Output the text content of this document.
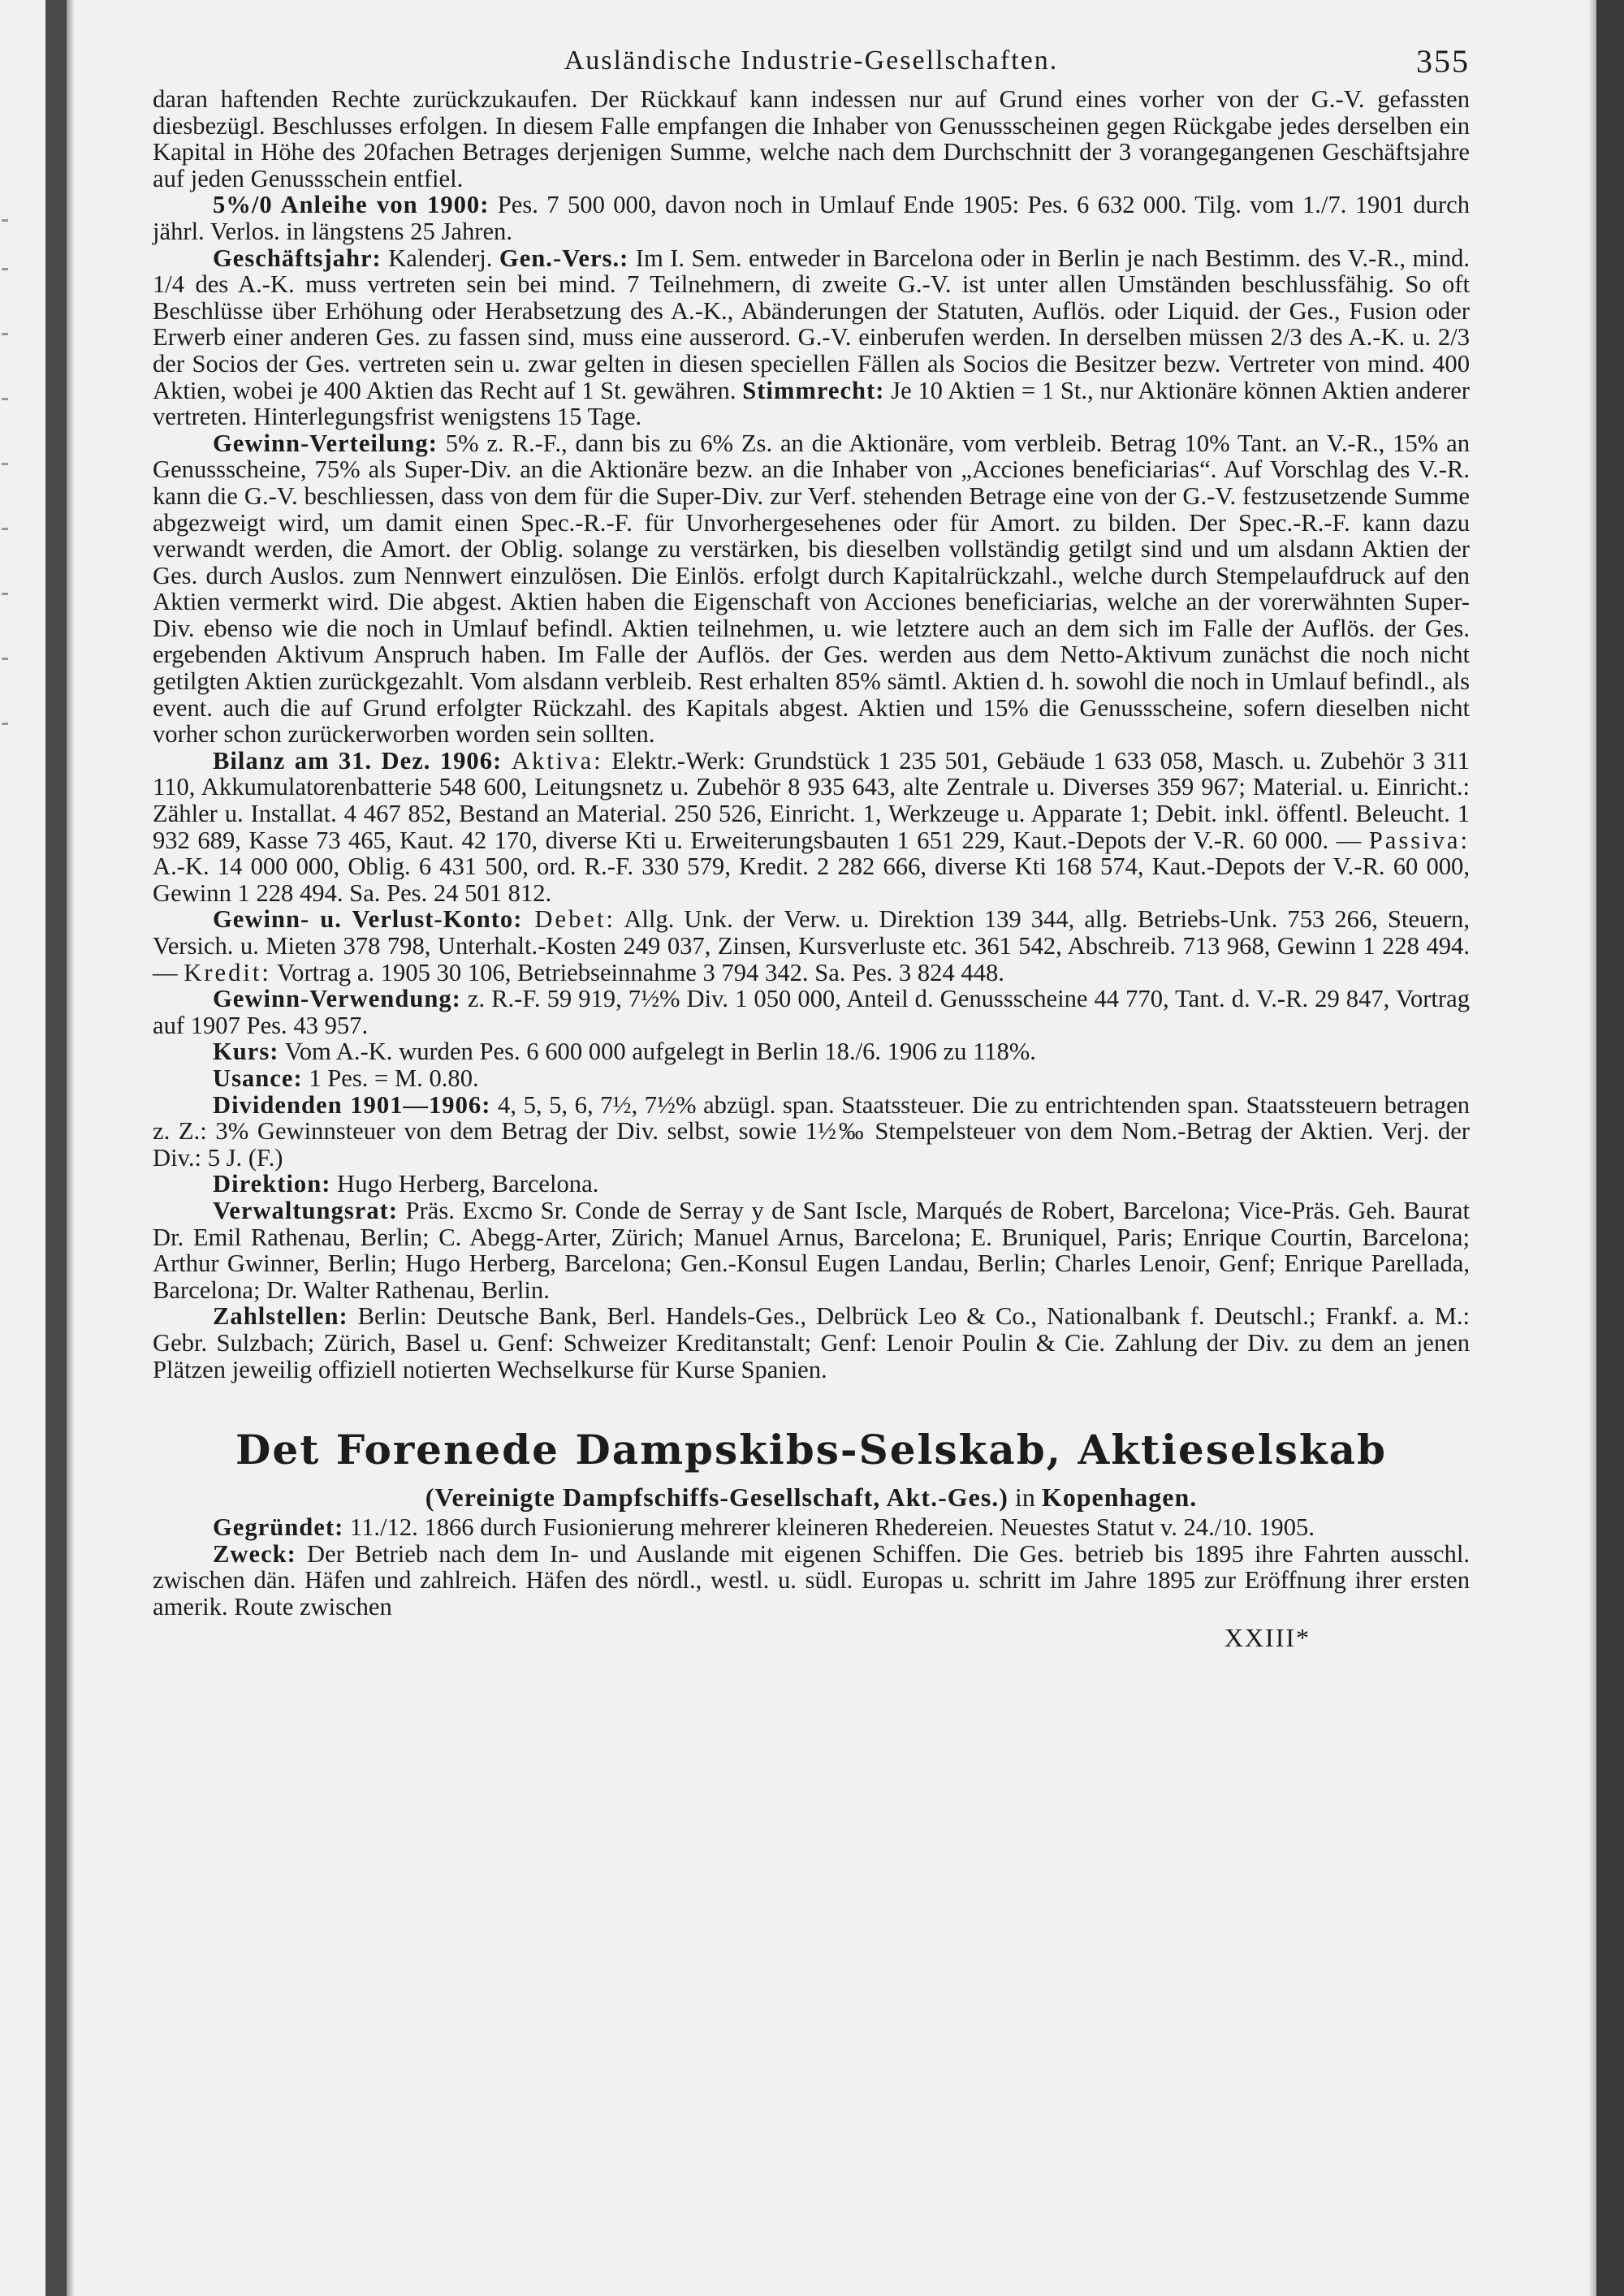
Ausländische Industrie-Gesellschaften.	355

daran haftenden Rechte zurückzukaufen. Der Rückkauf kann indessen nur auf Grund eines vorher von der G.-V. gefassten diesbezügl. Beschlusses erfolgen. In diesem Falle empfangen die Inhaber von Genussscheinen gegen Rückgabe jedes derselben ein Kapital in Höhe des 20fachen Betrages derjenigen Summe, welche nach dem Durchschnitt der 3 vorangegangenen Geschäftsjahre auf jeden Genussschein entfiel.

5%/0 Anleihe von 1900: Pes. 7 500 000, davon noch in Umlauf Ende 1905: Pes. 6 632 000. Tilg. vom 1./7. 1901 durch jährl. Verlos. in längstens 25 Jahren.

Geschäftsjahr: Kalenderj. Gen.-Vers.: Im I. Sem. entweder in Barcelona oder in Berlin je nach Bestimm. des V.-R., mind. 1/4 des A.-K. muss vertreten sein bei mind. 7 Teilnehmern, di zweite G.-V. ist unter allen Umständen beschlussfähig. So oft Beschlüsse über Erhöhung oder Herabsetzung des A.-K., Abänderungen der Statuten, Auflös. oder Liquid. der Ges., Fusion oder Erwerb einer anderen Ges. zu fassen sind, muss eine ausserord. G.-V. einberufen werden. In derselben müssen 2/3 des A.-K. u. 2/3 der Socios der Ges. vertreten sein u. zwar gelten in diesen speciellen Fällen als Socios die Besitzer bezw. Vertreter von mind. 400 Aktien, wobei je 400 Aktien das Recht auf 1 St. gewähren. Stimmrecht: Je 10 Aktien = 1 St., nur Aktionäre können Aktien anderer vertreten. Hinterlegungsfrist wenigstens 15 Tage.

Gewinn-Verteilung: 5% z. R.-F., dann bis zu 6% Zs. an die Aktionäre, vom verbleib. Betrag 10% Tant. an V.-R., 15% an Genussscheine, 75% als Super-Div. an die Aktionäre bezw. an die Inhaber von „Acciones beneficiarias“. Auf Vorschlag des V.-R. kann die G.-V. beschliessen, dass von dem für die Super-Div. zur Verf. stehenden Betrage eine von der G.-V. festzusetzende Summe abgezweigt wird, um damit einen Spec.-R.-F. für Unvorhergesehenes oder für Amort. zu bilden. Der Spec.-R.-F. kann dazu verwandt werden, die Amort. der Oblig. solange zu verstärken, bis dieselben vollständig getilgt sind und um alsdann Aktien der Ges. durch Auslos. zum Nennwert einzulösen. Die Einlös. erfolgt durch Kapitalrückzahl., welche durch Stempelaufdruck auf den Aktien vermerkt wird. Die abgest. Aktien haben die Eigenschaft von Acciones beneficiarias, welche an der vorerwähnten Super-Div. ebenso wie die noch in Umlauf befindl. Aktien teilnehmen, u. wie letztere auch an dem sich im Falle der Auflös. der Ges. ergebenden Aktivum Anspruch haben. Im Falle der Auflös. der Ges. werden aus dem Netto-Aktivum zunächst die noch nicht getilgten Aktien zurückgezahlt. Vom alsdann verbleib. Rest erhalten 85% sämtl. Aktien d. h. sowohl die noch in Umlauf befindl., als event. auch die auf Grund erfolgter Rückzahl. des Kapitals abgest. Aktien und 15% die Genussscheine, sofern dieselben nicht vorher schon zurückerworben worden sein sollten.

Bilanz am 31. Dez. 1906: Aktiva: Elektr.-Werk: Grundstück 1 235 501, Gebäude 1 633 058, Masch. u. Zubehör 3 311 110, Akkumulatorenbatterie 548 600, Leitungsnetz u. Zubehör 8 935 643, alte Zentrale u. Diverses 359 967; Material. u. Einricht.: Zähler u. Installat. 4 467 852, Bestand an Material. 250 526, Einricht. 1, Werkzeuge u. Apparate 1; Debit. inkl. öffentl. Beleucht. 1 932 689, Kasse 73 465, Kaut. 42 170, diverse Kti u. Erweiterungsbauten 1 651 229, Kaut.-Depots der V.-R. 60 000. — Passiva: A.-K. 14 000 000, Oblig. 6 431 500, ord. R.-F. 330 579, Kredit. 2 282 666, diverse Kti 168 574, Kaut.-Depots der V.-R. 60 000, Gewinn 1 228 494. Sa. Pes. 24 501 812.

Gewinn- u. Verlust-Konto: Debet: Allg. Unk. der Verw. u. Direktion 139 344, allg. Betriebs-Unk. 753 266, Steuern, Versich. u. Mieten 378 798, Unterhalt.-Kosten 249 037, Zinsen, Kursverluste etc. 361 542, Abschreib. 713 968, Gewinn 1 228 494. — Kredit: Vortrag a. 1905 30 106, Betriebseinnahme 3 794 342. Sa. Pes. 3 824 448.

Gewinn-Verwendung: z. R.-F. 59 919, 7½% Div. 1 050 000, Anteil d. Genussscheine 44 770, Tant. d. V.-R. 29 847, Vortrag auf 1907 Pes. 43 957.

Kurs: Vom A.-K. wurden Pes. 6 600 000 aufgelegt in Berlin 18./6. 1906 zu 118%.

Usance: 1 Pes. = M. 0.80.

Dividenden 1901—1906: 4, 5, 5, 6, 7½, 7½% abzügl. span. Staatssteuer. Die zu entrichtenden span. Staatssteuern betragen z. Z.: 3% Gewinnsteuer von dem Betrag der Div. selbst, sowie 1½‰ Stempelsteuer von dem Nom.-Betrag der Aktien. Verj. der Div.: 5 J. (F.)

Direktion: Hugo Herberg, Barcelona.

Verwaltungsrat: Präs. Excmo Sr. Conde de Serray y de Sant Iscle, Marqués de Robert, Barcelona; Vice-Präs. Geh. Baurat Dr. Emil Rathenau, Berlin; C. Abegg-Arter, Zürich; Manuel Arnus, Barcelona; E. Bruniquel, Paris; Enrique Courtin, Barcelona; Arthur Gwinner, Berlin; Hugo Herberg, Barcelona; Gen.-Konsul Eugen Landau, Berlin; Charles Lenoir, Genf; Enrique Parellada, Barcelona; Dr. Walter Rathenau, Berlin.

Zahlstellen: Berlin: Deutsche Bank, Berl. Handels-Ges., Delbrück Leo & Co., Nationalbank f. Deutschl.; Frankf. a. M.: Gebr. Sulzbach; Zürich, Basel u. Genf: Schweizer Kreditanstalt; Genf: Lenoir Poulin & Cie. Zahlung der Div. zu dem an jenen Plätzen jeweilig offiziell notierten Wechselkurse für Kurse Spanien.

Det Forenede Dampskibs-Selskab, Aktieselskab
(Vereinigte Dampfschiffs-Gesellschaft, Akt.-Ges.) in Kopenhagen.

Gegründet: 11./12. 1866 durch Fusionierung mehrerer kleineren Rhedereien. Neuestes Statut v. 24./10. 1905.

Zweck: Der Betrieb nach dem In- und Auslande mit eigenen Schiffen. Die Ges. betrieb bis 1895 ihre Fahrten ausschl. zwischen dän. Häfen und zahlreich. Häfen des nördl., westl. u. südl. Europas u. schritt im Jahre 1895 zur Eröffnung ihrer ersten amerik. Route zwischen

XXIII*
